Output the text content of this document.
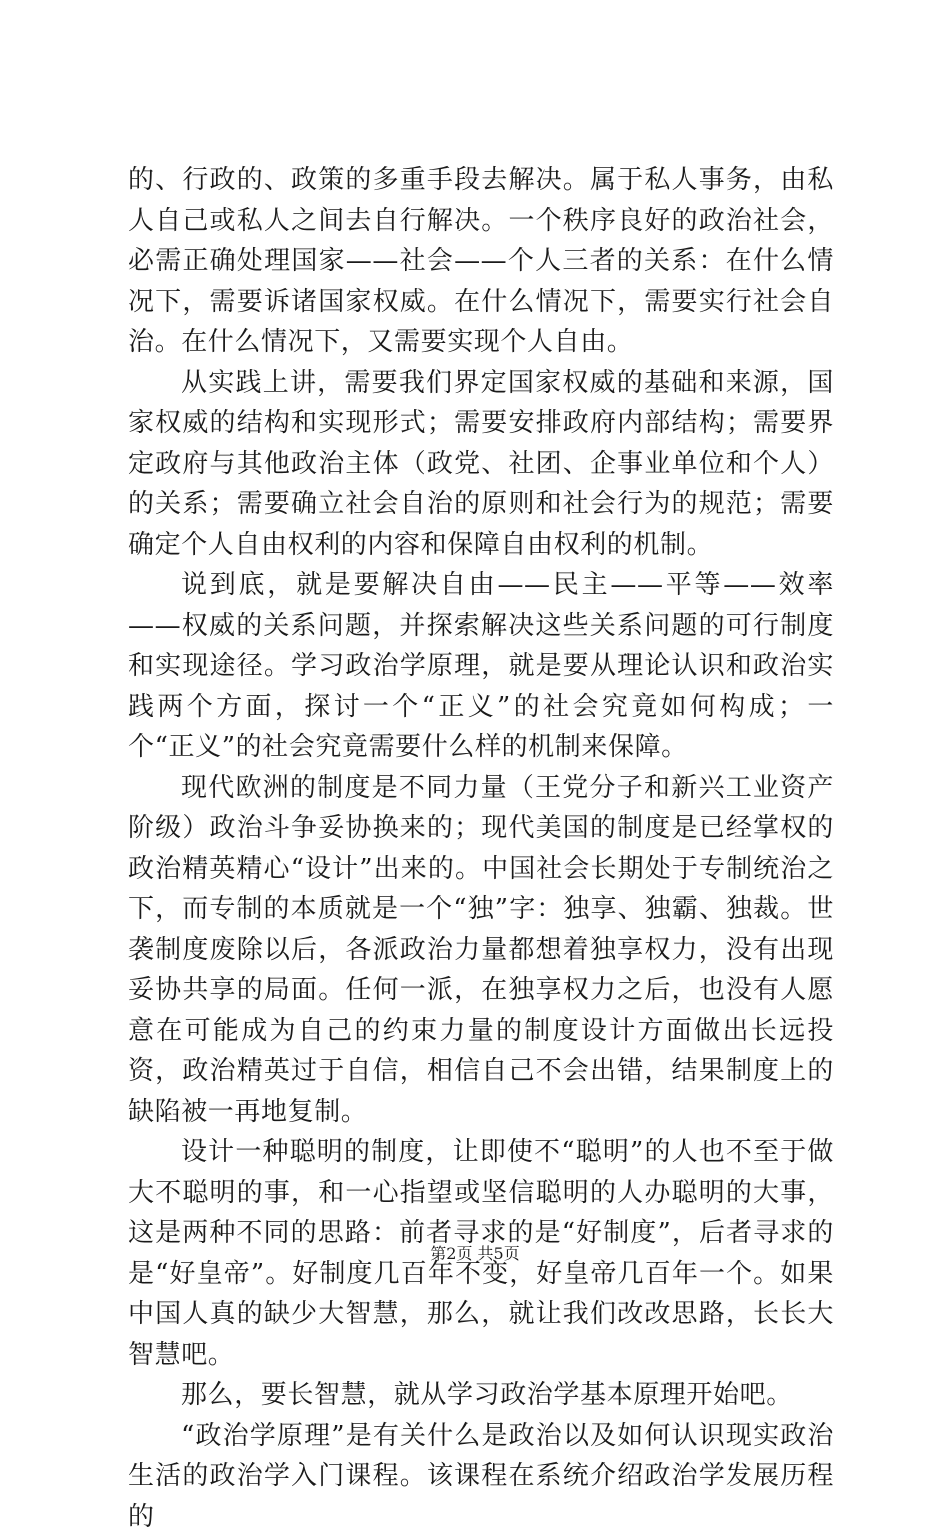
的、行政的、政策的多重手段去解决。属于私人事务，由私人自己或私人之间去自行解决。一个秩序良好的政治社会，必需正确处理国家——社会——个人三者的关系：在什么情况下，需要诉诸国家权威。在什么情况下，需要实行社会自治。在什么情况下，又需要实现个人自由。

从实践上讲，需要我们界定国家权威的基础和来源，国家权威的结构和实现形式；需要安排政府内部结构；需要界定政府与其他政治主体（政党、社团、企事业单位和个人）的关系；需要确立社会自治的原则和社会行为的规范；需要确定个人自由权利的内容和保障自由权利的机制。

说到底，就是要解决自由——民主——平等——效率——权威的关系问题，并探索解决这些关系问题的可行制度和实现途径。学习政治学原理，就是要从理论认识和政治实践两个方面，探讨一个“正义”的社会究竟如何构成；一个“正义”的社会究竟需要什么样的机制来保障。

现代欧洲的制度是不同力量（王党分子和新兴工业资产阶级）政治斗争妥协换来的；现代美国的制度是已经掌权的政治精英精心“设计”出来的。中国社会长期处于专制统治之下，而专制的本质就是一个“独”字：独享、独霸、独裁。世袭制度废除以后，各派政治力量都想着独享权力，没有出现妥协共享的局面。任何一派，在独享权力之后，也没有人愿意在可能成为自己的约束力量的制度设计方面做出长远投资，政治精英过于自信，相信自己不会出错，结果制度上的缺陷被一再地复制。

设计一种聪明的制度，让即使不“聪明”的人也不至于做大不聪明的事，和一心指望或坚信聪明的人办聪明的大事，这是两种不同的思路：前者寻求的是“好制度”，后者寻求的是“好皇帝”。好制度几百年不变，好皇帝几百年一个。如果中国人真的缺少大智慧，那么，就让我们改改思路，长长大智慧吧。

那么，要长智慧，就从学习政治学基本原理开始吧。

“政治学原理”是有关什么是政治以及如何认识现实政治生活的政治学入门课程。该课程在系统介绍政治学发展历程的

第2页 共5页
